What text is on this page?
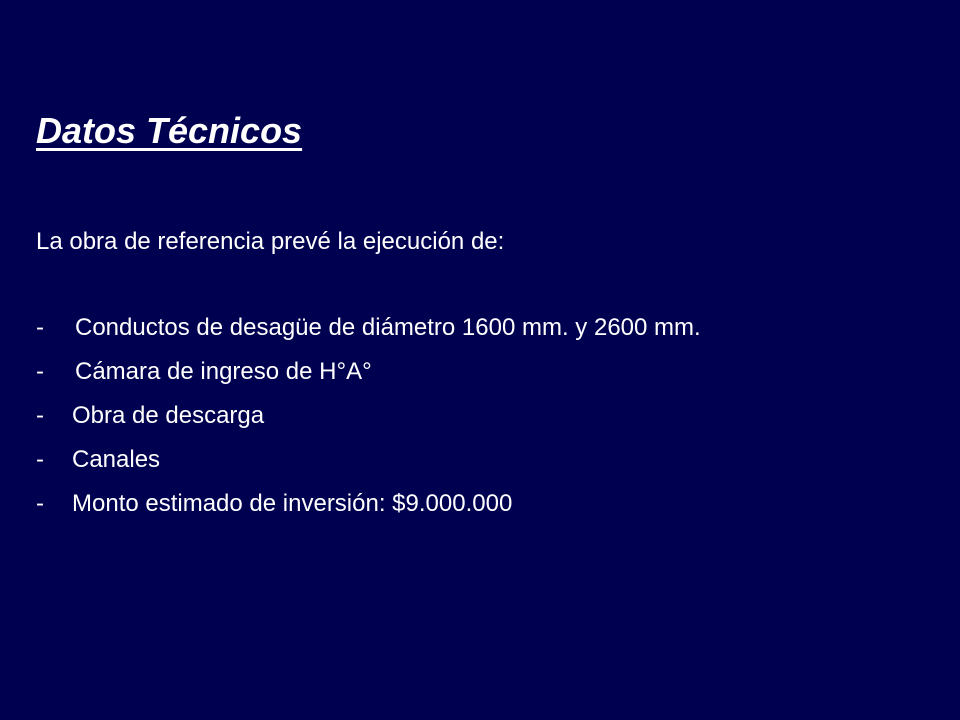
Datos Técnicos

La obra de referencia prevé la ejecución de:

- Conductos de desagüe de diámetro 1600 mm. y 2600 mm.
- Cámara de ingreso de H°A°
- Obra de descarga
- Canales
- Monto estimado de inversión: $9.000.000
